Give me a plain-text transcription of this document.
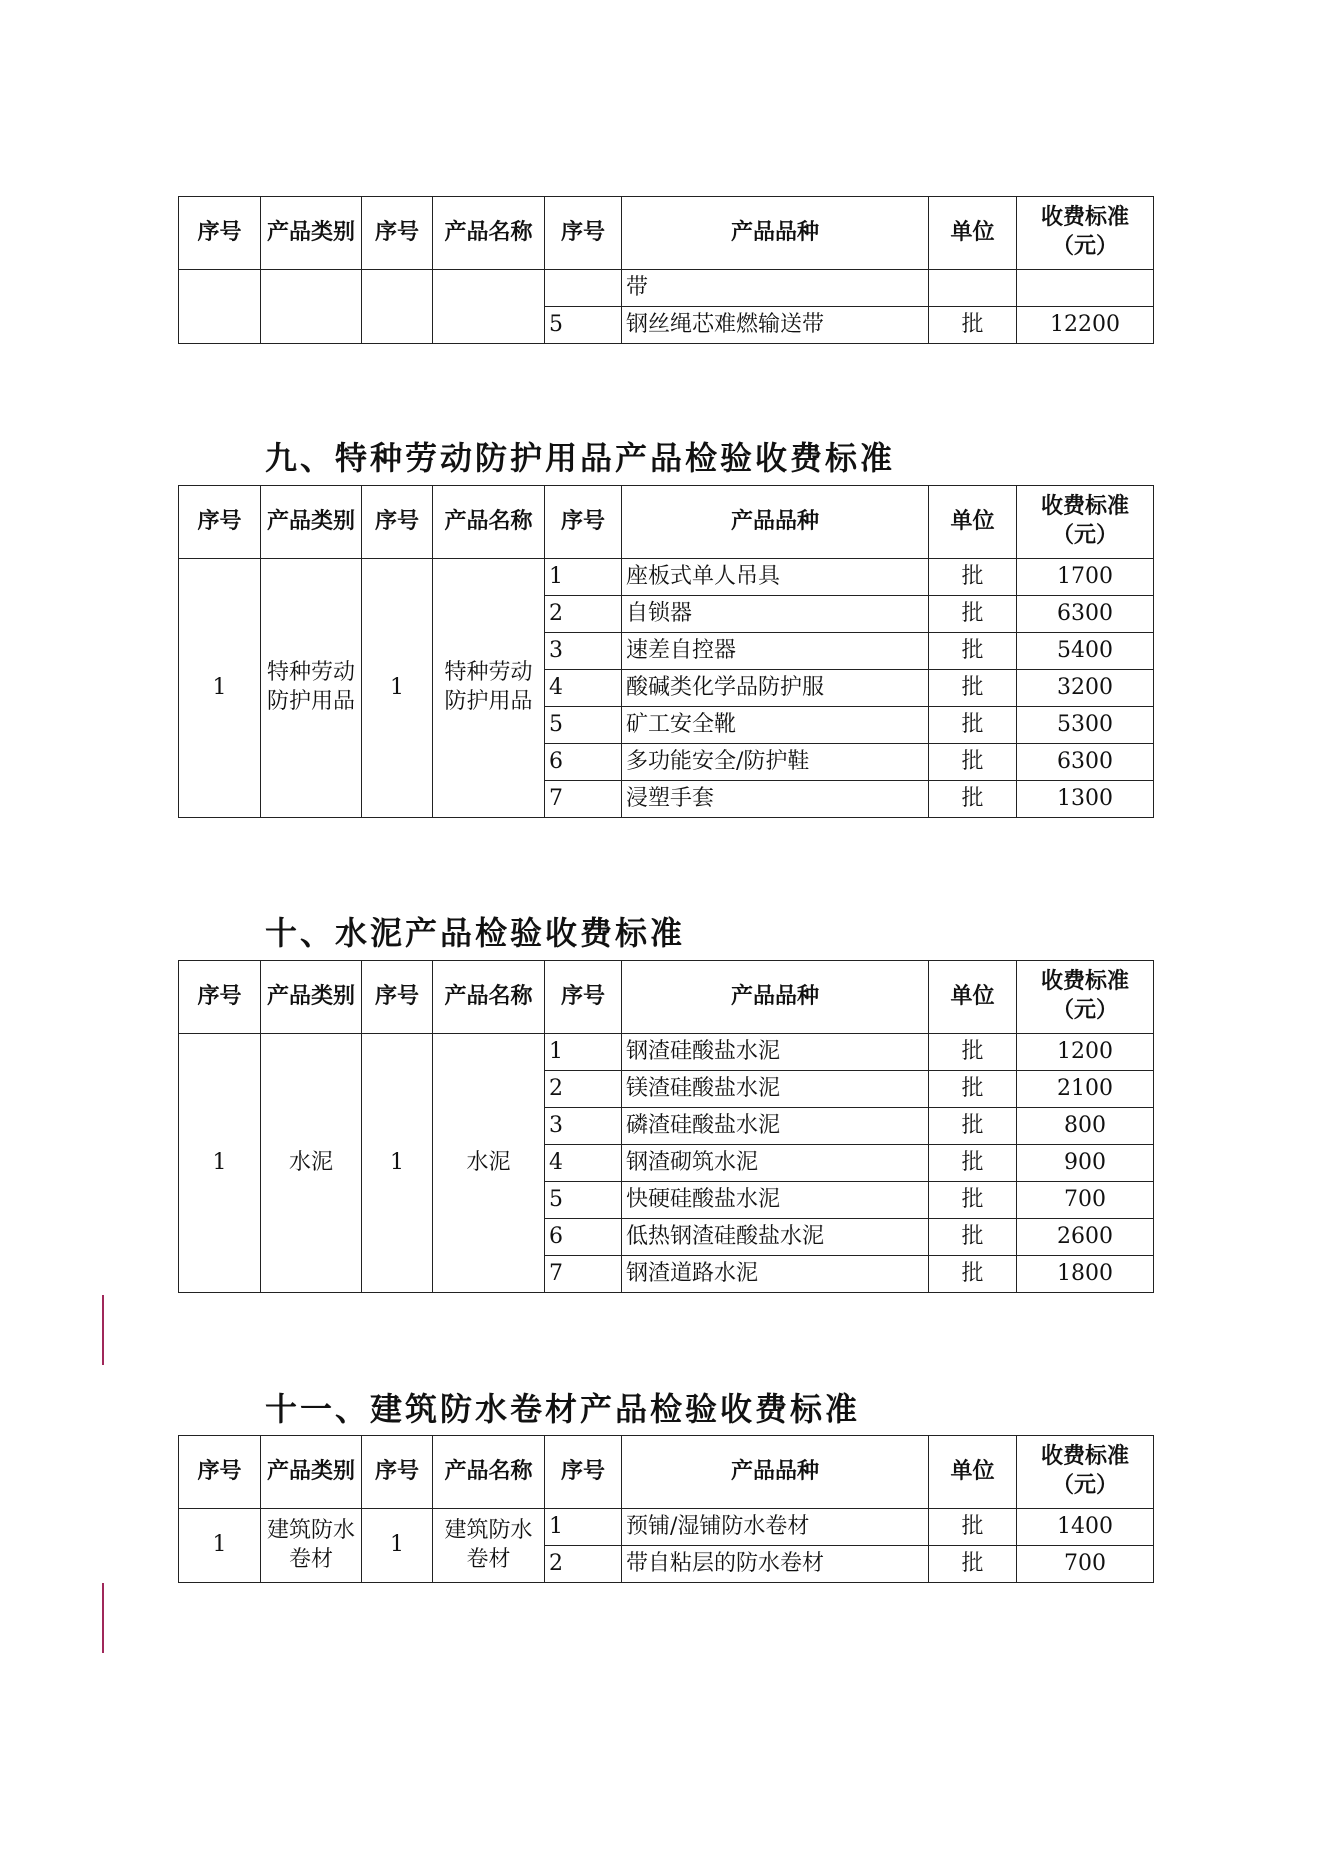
序号	产品类别	序号	产品名称	序号	产品品种	单位	收费标准
（元）
					带		
				5	钢丝绳芯难燃输送带	批	12200
九、特种劳动防护用品产品检验收费标准
序号	产品类别	序号	产品名称	序号	产品品种	单位	收费标准
（元）
1	特种劳动防护用品	1	特种劳动防护用品	1	座板式单人吊具	批	1700
				2	自锁器	批	6300
				3	速差自控器	批	5400
				4	酸碱类化学品防护服	批	3200
				5	矿工安全靴	批	5300
				6	多功能安全/防护鞋	批	6300
				7	浸塑手套	批	1300
十、水泥产品检验收费标准
序号	产品类别	序号	产品名称	序号	产品品种	单位	收费标准
（元）
1	水泥	1	水泥	1	钢渣硅酸盐水泥	批	1200
				2	镁渣硅酸盐水泥	批	2100
				3	磷渣硅酸盐水泥	批	800
				4	钢渣砌筑水泥	批	900
				5	快硬硅酸盐水泥	批	700
				6	低热钢渣硅酸盐水泥	批	2600
				7	钢渣道路水泥	批	1800
十一、建筑防水卷材产品检验收费标准
序号	产品类别	序号	产品名称	序号	产品品种	单位	收费标准
（元）
1	建筑防水卷材	1	建筑防水卷材	1	预铺/湿铺防水卷材	批	1400
				2	带自粘层的防水卷材	批	700
